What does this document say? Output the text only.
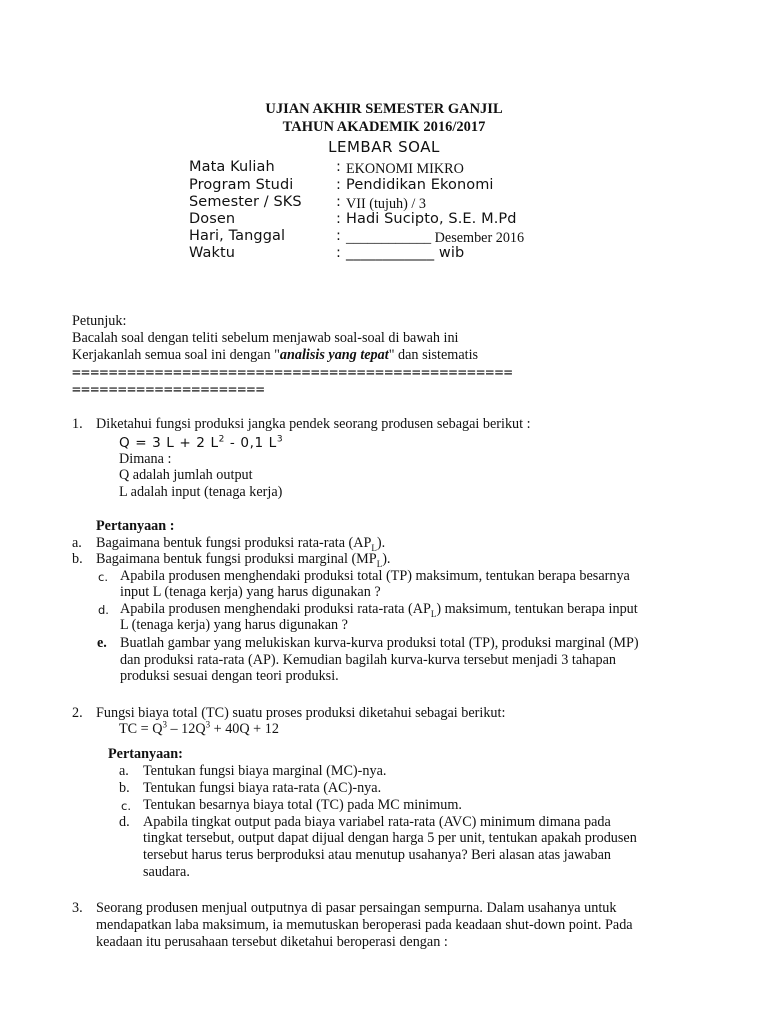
UJIAN AKHIR SEMESTER GANJIL
TAHUN AKADEMIK 2016/2017
LEMBAR SOAL
Mata Kuliah	: EKONOMI MIKRO
Program Studi	: Pendidikan Ekonomi
Semester / SKS : VII (tujuh) / 3
Dosen	: Hadi Sucipto, S.E. M.Pd
Hari, Tanggal	: ____________ Desember 2016
Waktu	: ____________ wib
Petunjuk:
Bacalah soal dengan teliti sebelum menjawab soal-soal di bawah ini
Kerjakanlah semua soal ini dengan "analisis yang tepat" dan sistematis
================================================
=====================
1. Diketahui fungsi produksi jangka pendek seorang produsen sebagai berikut :
Q = 3 L + 2 $L^2 - 0,1$ $L^3$
Dimana :
Q adalah jumlah output
L adalah input (tenaga kerja)
Pertanyaan :
a. Bagaimana bentuk fungsi produksi rata-rata $(AP_L)$.
b. Bagaimana bentuk fungsi produksi marginal $(MP_L)$.
c. Apabila produsen menghendaki produksi total (TP) maksimum, tentukan berapa besarnya
input L (tenaga kerja) yang harus digunakan ?
d. Apabila produsen menghendaki produksi rata-rata $(AP_L)$ maksimum, tentukan berapa input
L (tenaga kerja) yang harus digunakan ?
e. Buatlah gambar yang melukiskan kurva-kurva produksi total (TP), produksi marginal (MP)
dan produksi rata-rata (AP). Kemudian bagilah kurva-kurva tersebut menjadi 3 tahapan
produksi sesuai dengan teori produksi.
2. Fungsi biaya total (TC) suatu proses produksi diketahui sebagai berikut:
TC = $Q^3 - 12Q^3 + 40Q + 12$
Pertanyaan:
a. Tentukan fungsi biaya marginal (MC)-nya.
b. Tentukan fungsi biaya rata-rata (AC)-nya.
c. Tentukan besarnya biaya total (TC) pada MC minimum.
d. Apabila tingkat output pada biaya variabel rata-rata (AVC) minimum dimana pada
tingkat tersebut, output dapat dijual dengan harga 5 per unit, tentukan apakah produsen
tersebut harus terus berproduksi atau menutup usahanya? Beri alasan atas jawaban
saudara.
3. Seorang produsen menjual outputnya di pasar persaingan sempurna. Dalam usahanya untuk
mendapatkan laba maksimum, ia memutuskan beroperasi pada keadaan shut-down point. Pada
keadaan itu perusahaan tersebut diketahui beroperasi dengan :
